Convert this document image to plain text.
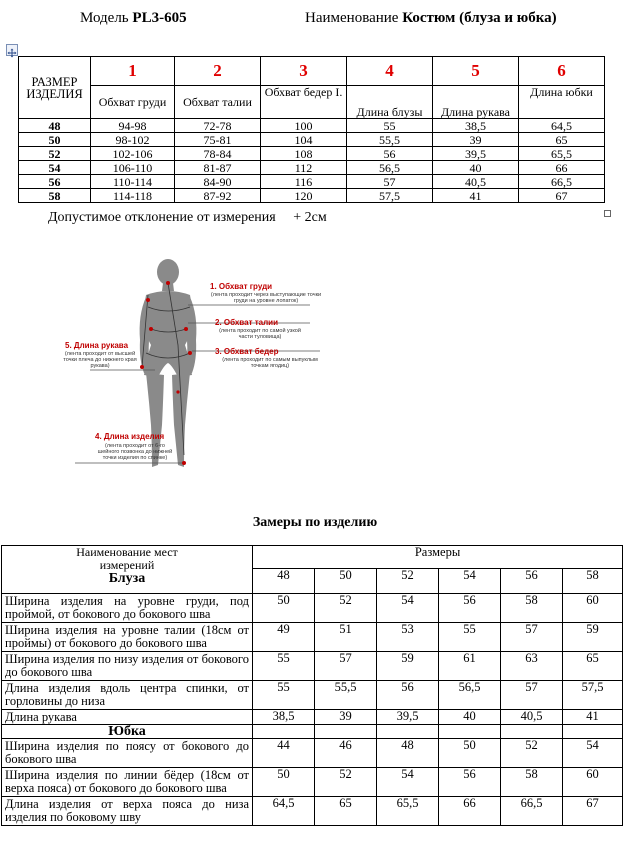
Модель PL3-605	Наименование Костюм (блуза и юбка)
РАЗМЕР ИЗДЕЛИЯ	1	2	3	4	5	6
	Обхват груди	Обхват талии	Обхват бедер I.	Длина блузы	Длина рукава	Длина юбки
48	94-98	72-78	100	55	38,5	64,5
50	98-102	75-81	104	55,5	39	65
52	102-106	78-84	108	56	39,5	65,5
54	106-110	81-87	112	56,5	40	66
56	110-114	84-90	116	57	40,5	66,5
58	114-118	87-92	120	57,5	41	67
Допустимое отклонение от измерения + 2см
1. Обхват груди
(лента проходит через выступающие точки груди на уровне лопаток)
2. Обхват талии
(лента проходит по самой узкой части туловища)
3. Обхват бедер
(лента проходит по самым выпуклым точкам ягодиц)
5. Длина рукава
(лента проходит от высшей точки плеча до нижнего края рукава)
4. Длина изделия
(лента проходит от 6-го шейного позвонка до нижней точки изделия по спинке)
Замеры по изделию
Наименование мест измерений
Блуза	Размеры					
	48	50	52	54	56	58
Ширина изделия на уровне груди, под проймой, от бокового до бокового шва	50	52	54	56	58	60
Ширина изделия на уровне талии (18см от проймы) от бокового до бокового шва	49	51	53	55	57	59
Ширина изделия по низу изделия от бокового до бокового шва	55	57	59	61	63	65
Длина изделия вдоль центра спинки, от горловины до низа	55	55,5	56	56,5	57	57,5
Длина рукава	38,5	39	39,5	40	40,5	41
Юбка						
Ширина изделия по поясу от бокового до бокового шва	44	46	48	50	52	54
Ширина изделия по линии бёдер (18см от верха пояса) от бокового до бокового шва	50	52	54	56	58	60
Длина изделия от верха пояса до низа изделия по боковому шву	64,5	65	65,5	66	66,5	67
